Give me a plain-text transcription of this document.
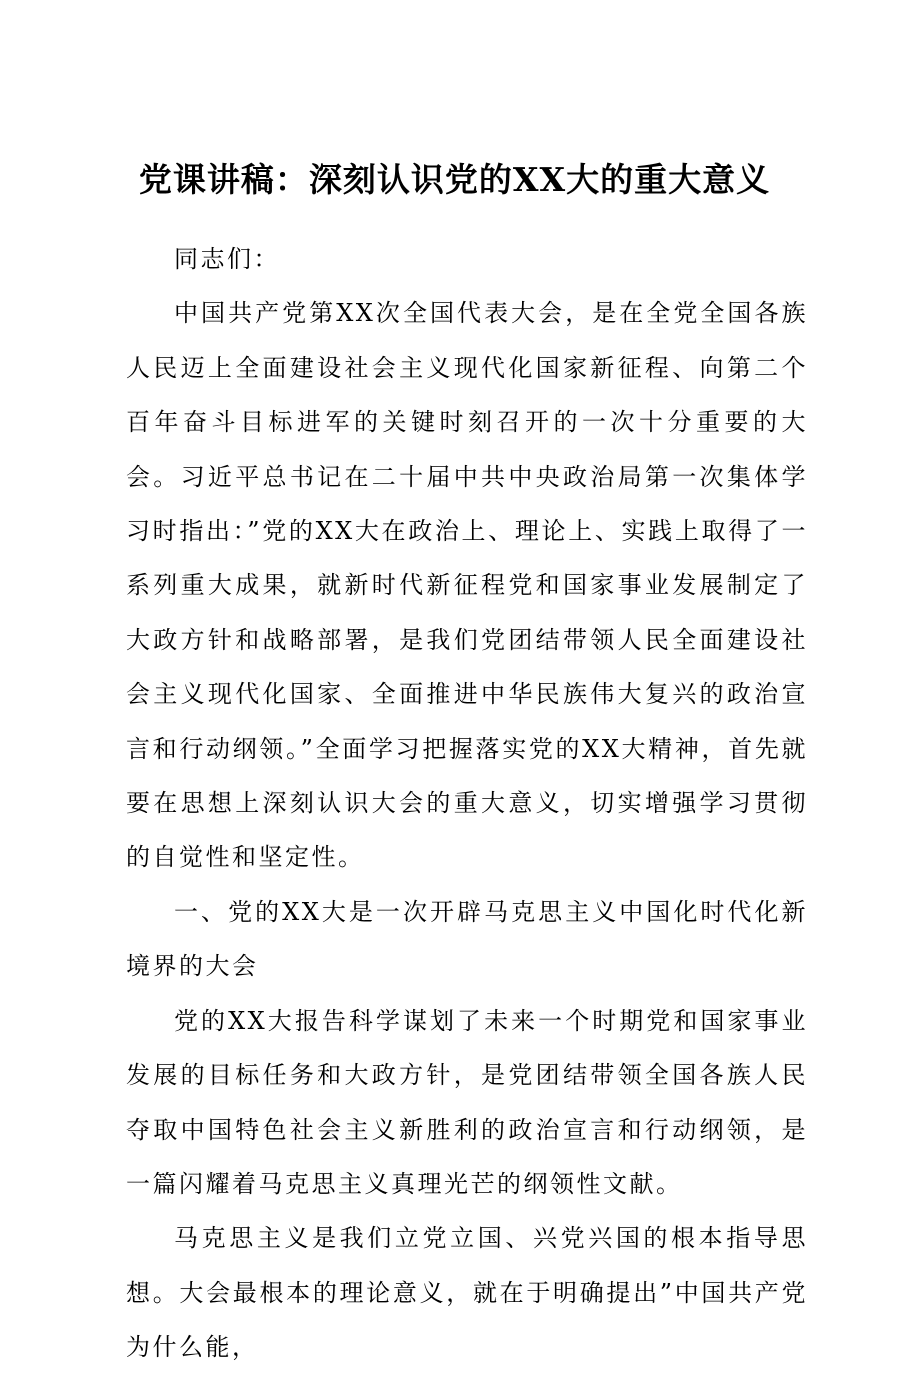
党课讲稿：深刻认识党的XX大的重大意义

同志们：

中国共产党第XX次全国代表大会，是在全党全国各族人民迈上全面建设社会主义现代化国家新征程、向第二个百年奋斗目标进军的关键时刻召开的一次十分重要的大会。习近平总书记在二十届中共中央政治局第一次集体学习时指出：”党的XX大在政治上、理论上、实践上取得了一系列重大成果，就新时代新征程党和国家事业发展制定了大政方针和战略部署，是我们党团结带领人民全面建设社会主义现代化国家、全面推进中华民族伟大复兴的政治宣言和行动纲领。”全面学习把握落实党的XX大精神，首先就要在思想上深刻认识大会的重大意义，切实增强学习贯彻的自觉性和坚定性。

一、党的XX大是一次开辟马克思主义中国化时代化新境界的大会

党的XX大报告科学谋划了未来一个时期党和国家事业发展的目标任务和大政方针，是党团结带领全国各族人民夺取中国特色社会主义新胜利的政治宣言和行动纲领，是一篇闪耀着马克思主义真理光芒的纲领性文献。

马克思主义是我们立党立国、兴党兴国的根本指导思想。大会最根本的理论意义，就在于明确提出”中国共产党为什么能，
